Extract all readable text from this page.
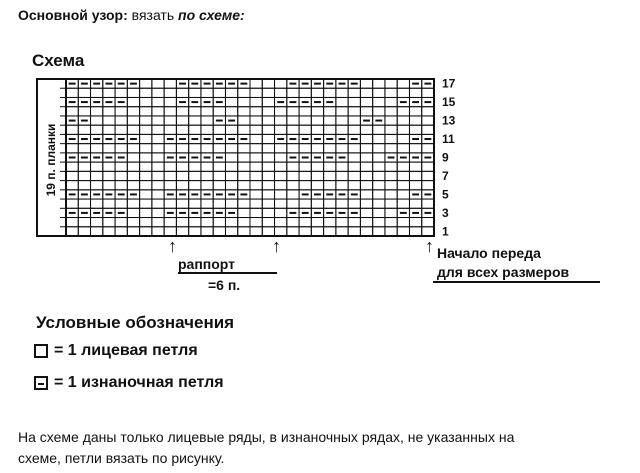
Основной узор: вязать по схеме:
Схема
19 п. планки
17
15
13
11
9
7
5
3
1
↑	↑	↑
раппорт
=6 п.
Начало переда
для всех размеров
Условные обозначения
= 1 лицевая петля
= 1 изнаночная петля
На схеме даны только лицевые ряды, в изнаночных рядах, не указанных на
схеме, петли вязать по рисунку.
